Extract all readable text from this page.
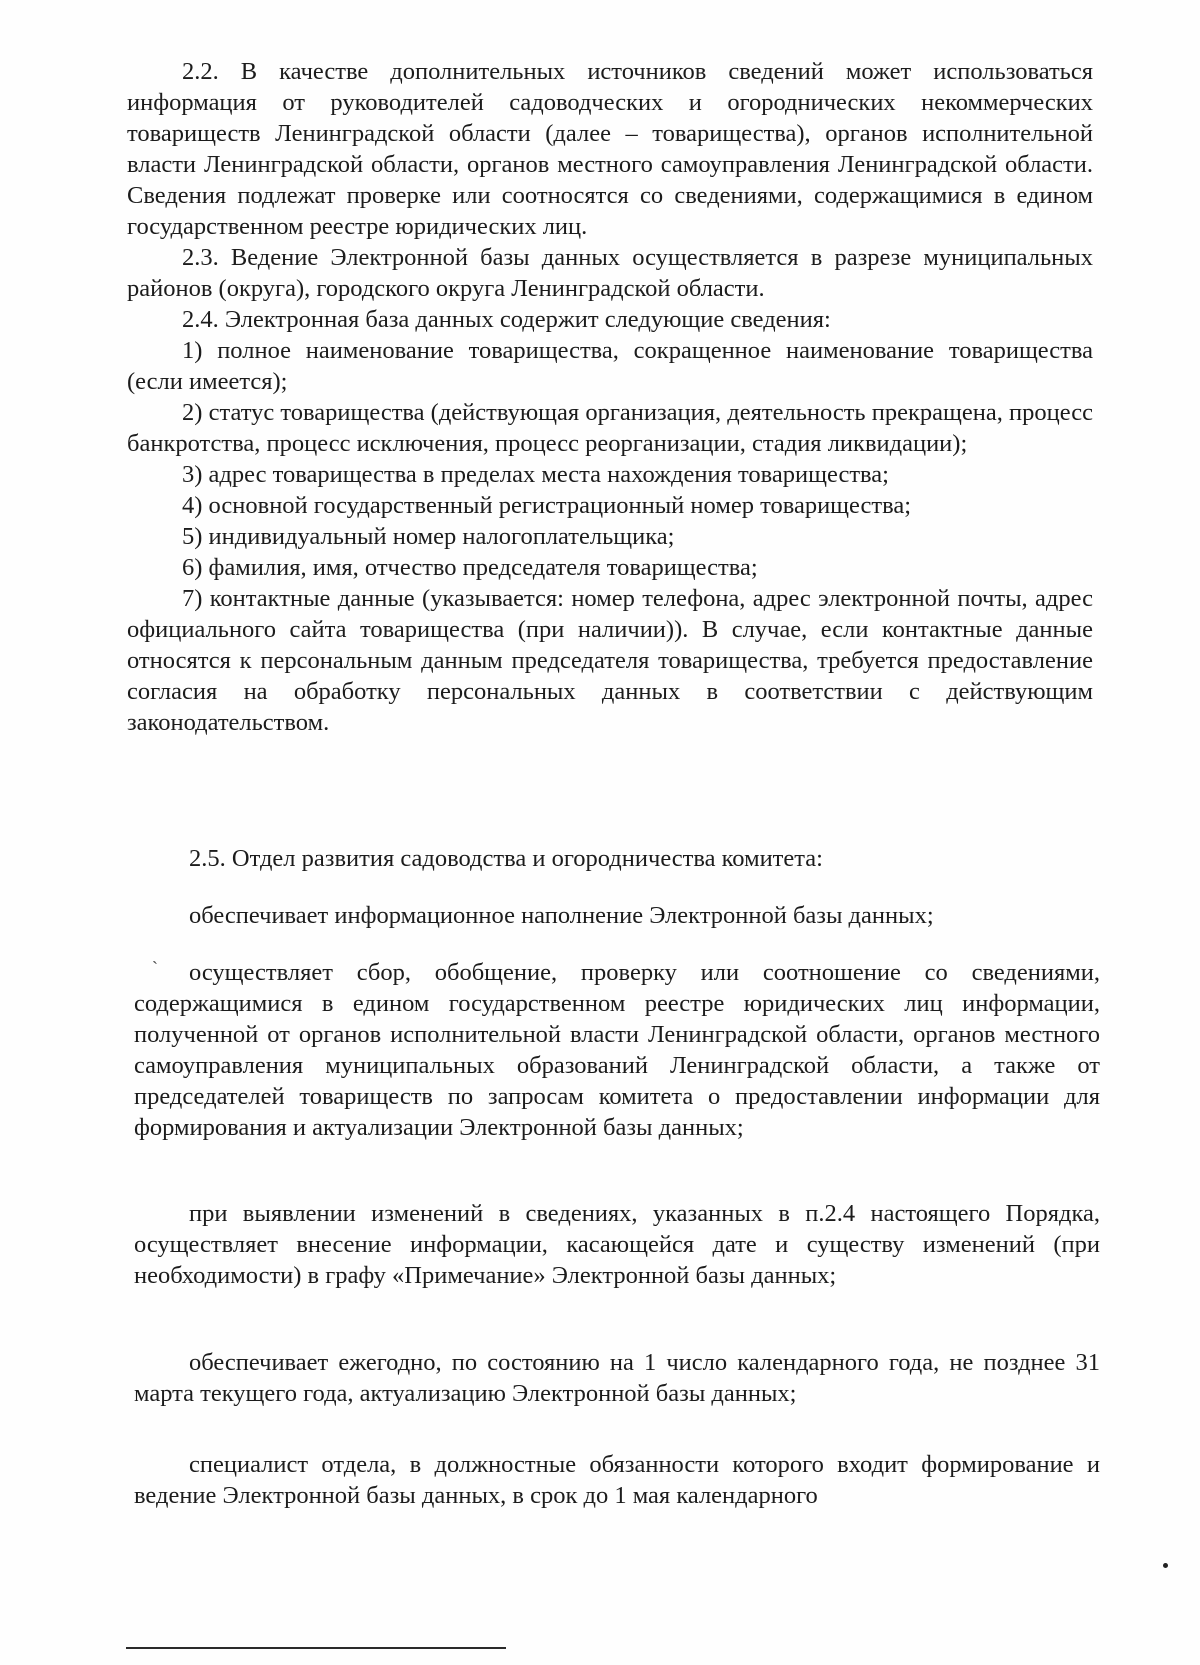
2.2. В качестве дополнительных источников сведений может использоваться информация от руководителей садоводческих и огороднических некоммерческих товариществ Ленинградской области (далее – товарищества), органов исполнительной власти Ленинградской области, органов местного самоуправления Ленинградской области. Сведения подлежат проверке или соотносятся со сведениями, содержащимися в едином государственном реестре юридических лиц.

2.3. Ведение Электронной базы данных осуществляется в разрезе муниципальных районов (округа), городского округа Ленинградской области.

2.4. Электронная база данных содержит следующие сведения:

1) полное наименование товарищества, сокращенное наименование товарищества (если имеется);

2) статус товарищества (действующая организация, деятельность прекращена, процесс банкротства, процесс исключения, процесс реорганизации, стадия ликвидации);

3) адрес товарищества в пределах места нахождения товарищества;

4) основной государственный регистрационный номер товарищества;

5) индивидуальный номер налогоплательщика;

6) фамилия, имя, отчество председателя товарищества;

7) контактные данные (указывается: номер телефона, адрес электронной почты, адрес официального сайта товарищества (при наличии)). В случае, если контактные данные относятся к персональным данным председателя товарищества, требуется предоставление согласия на обработку персональных данных в соответствии с действующим законодательством.

2.5. Отдел развития садоводства и огородничества комитета:

обеспечивает информационное наполнение Электронной базы данных;

осуществляет сбор, обобщение, проверку или соотношение со сведениями, содержащимися в едином государственном реестре юридических лиц информации, полученной от органов исполнительной власти Ленинградской области, органов местного самоуправления муниципальных образований Ленинградской области, а также от председателей товариществ по запросам комитета о предоставлении информации для формирования и актуализации Электронной базы данных;

при выявлении изменений в сведениях, указанных в п.2.4 настоящего Порядка, осуществляет внесение информации, касающейся дате и существу изменений (при необходимости) в графу «Примечание» Электронной базы данных;

обеспечивает ежегодно, по состоянию на 1 число календарного года, не позднее 31 марта текущего года, актуализацию Электронной базы данных;

специалист отдела, в должностные обязанности которого входит формирование и ведение Электронной базы данных, в срок до 1 мая календарного

`
